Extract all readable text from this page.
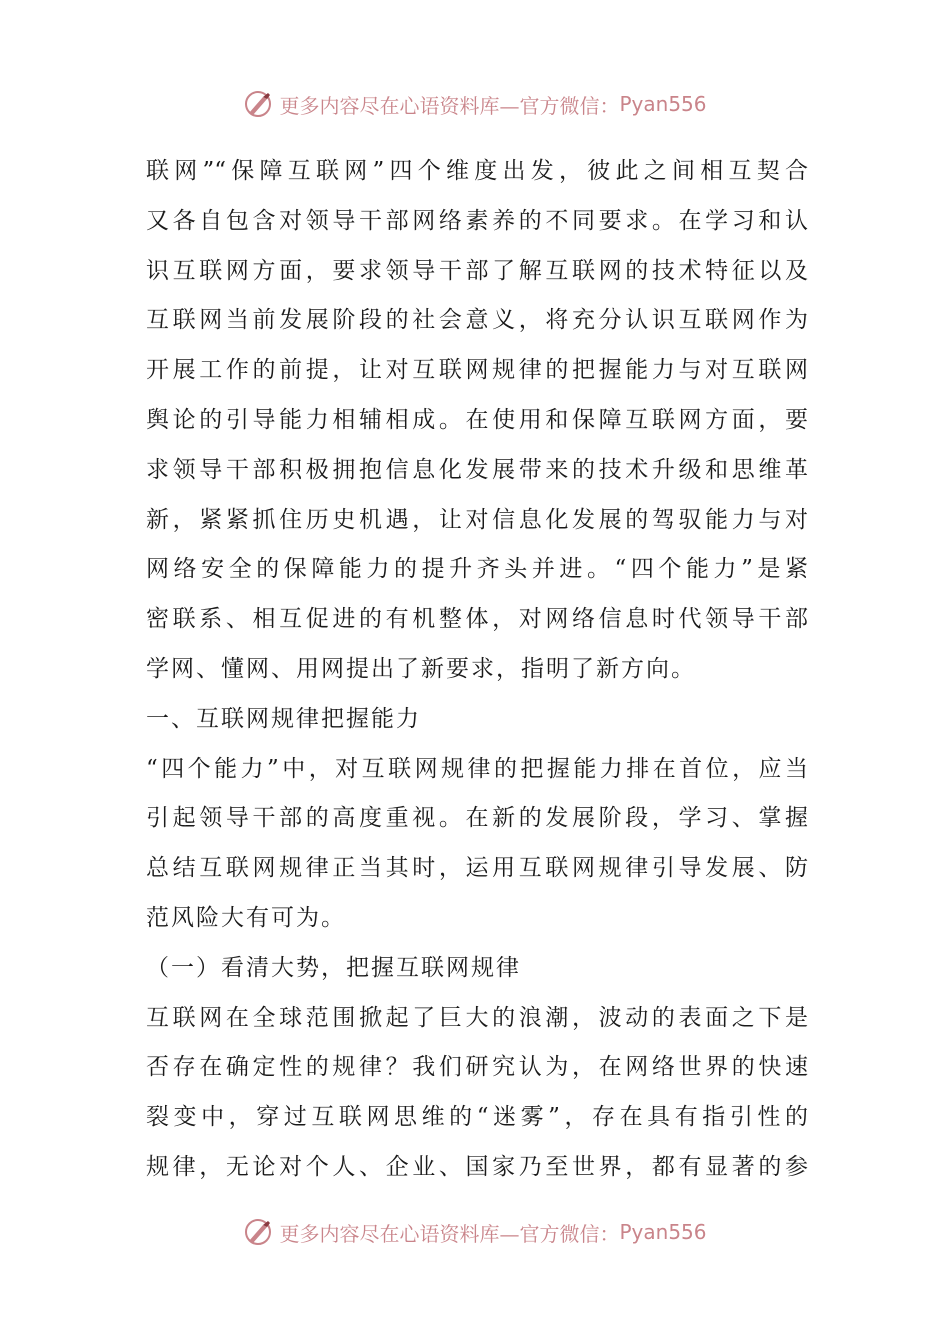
更多内容尽在心语资料库—官方微信： Pyan556
联网”“保障互联网”四个维度出发，彼此之间相互契合
又各自包含对领导干部网络素养的不同要求。在学习和认
识互联网方面，要求领导干部了解互联网的技术特征以及
互联网当前发展阶段的社会意义，将充分认识互联网作为
开展工作的前提，让对互联网规律的把握能力与对互联网
舆论的引导能力相辅相成。在使用和保障互联网方面，要
求领导干部积极拥抱信息化发展带来的技术升级和思维革
新，紧紧抓住历史机遇，让对信息化发展的驾驭能力与对
网络安全的保障能力的提升齐头并进。“四个能力”是紧
密联系、相互促进的有机整体，对网络信息时代领导干部
学网、懂网、用网提出了新要求，指明了新方向。
一、互联网规律把握能力
“四个能力”中，对互联网规律的把握能力排在首位，应当
引起领导干部的高度重视。在新的发展阶段，学习、掌握
总结互联网规律正当其时，运用互联网规律引导发展、防
范风险大有可为。
（一）看清大势，把握互联网规律
互联网在全球范围掀起了巨大的浪潮，波动的表面之下是
否存在确定性的规律？我们研究认为，在网络世界的快速
裂变中，穿过互联网思维的“迷雾”，存在具有指引性的
规律，无论对个人、企业、国家乃至世界，都有显著的参
更多内容尽在心语资料库—官方微信： Pyan556
